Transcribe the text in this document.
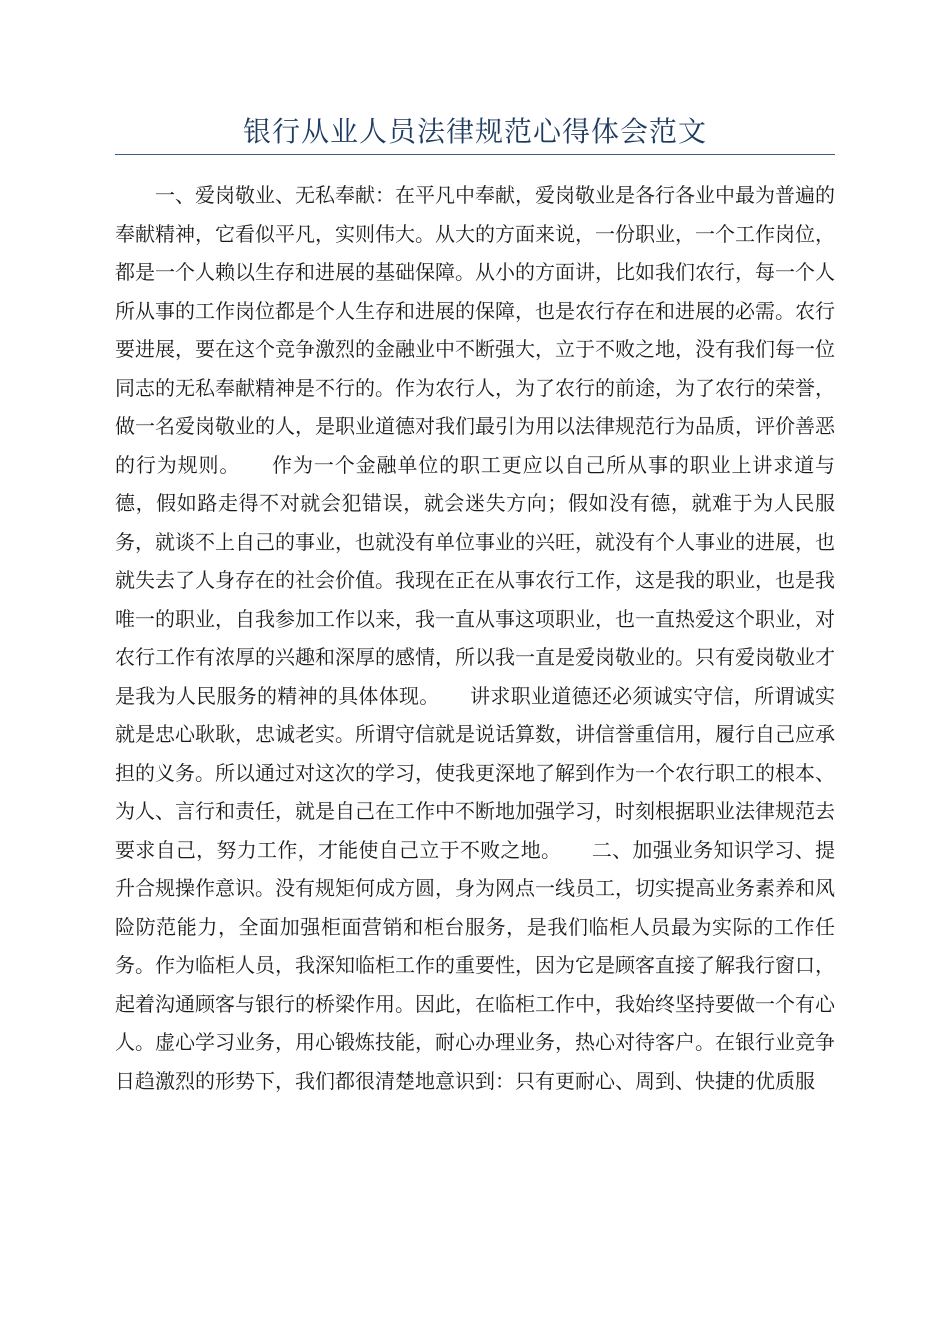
银行从业人员法律规范心得体会范文

一、爱岗敬业、无私奉献：在平凡中奉献，爱岗敬业是各行各业中最为普遍的奉献精神，它看似平凡，实则伟大。从大的方面来说，一份职业，一个工作岗位，都是一个人赖以生存和进展的基础保障。从小的方面讲，比如我们农行，每一个人所从事的工作岗位都是个人生存和进展的保障，也是农行存在和进展的必需。农行要进展，要在这个竞争激烈的金融业中不断强大，立于不败之地，没有我们每一位同志的无私奉献精神是不行的。作为农行人，为了农行的前途，为了农行的荣誉，做一名爱岗敬业的人，是职业道德对我们最引为用以法律规范行为品质，评价善恶的行为规则。　　作为一个金融单位的职工更应以自己所从事的职业上讲求道与德，假如路走得不对就会犯错误，就会迷失方向；假如没有德，就难于为人民服务，就谈不上自己的事业，也就没有单位事业的兴旺，就没有个人事业的进展，也就失去了人身存在的社会价值。我现在正在从事农行工作，这是我的职业，也是我唯一的职业，自我参加工作以来，我一直从事这项职业，也一直热爱这个职业，对农行工作有浓厚的兴趣和深厚的感情，所以我一直是爱岗敬业的。只有爱岗敬业才是我为人民服务的精神的具体体现。　　讲求职业道德还必须诚实守信，所谓诚实就是忠心耿耿，忠诚老实。所谓守信就是说话算数，讲信誉重信用，履行自己应承担的义务。所以通过对这次的学习，使我更深地了解到作为一个农行职工的根本、为人、言行和责任，就是自己在工作中不断地加强学习，时刻根据职业法律规范去要求自己，努力工作，才能使自己立于不败之地。　　二、加强业务知识学习、提升合规操作意识。没有规矩何成方圆，身为网点一线员工，切实提高业务素养和风险防范能力，全面加强柜面营销和柜台服务，是我们临柜人员最为实际的工作任务。作为临柜人员，我深知临柜工作的重要性，因为它是顾客直接了解我行窗口，起着沟通顾客与银行的桥梁作用。因此，在临柜工作中，我始终坚持要做一个有心人。虚心学习业务，用心锻炼技能，耐心办理业务，热心对待客户。在银行业竞争日趋激烈的形势下，我们都很清楚地意识到：只有更耐心、周到、快捷的优质服
